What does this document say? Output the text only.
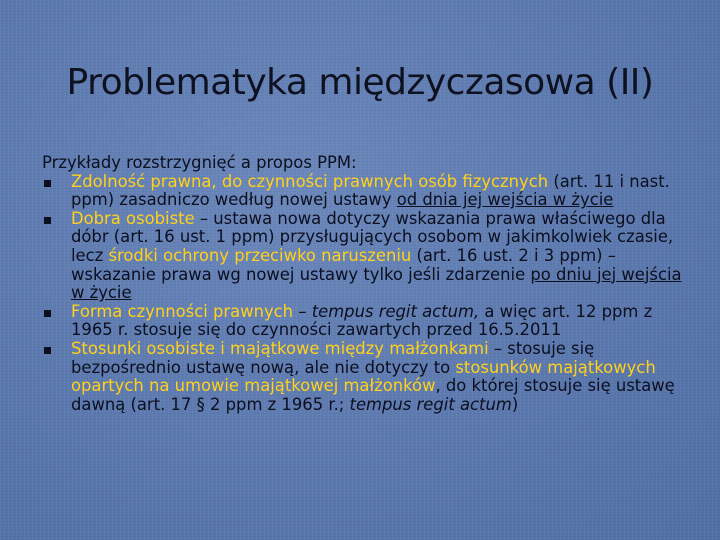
Problematyka międzyczasowa (II)

Przykłady rozstrzygnięć a propos PPM:

Zdolność prawna, do czynności prawnych osób fizycznych (art. 11 i nast. ppm) zasadniczo według nowej ustawy od dnia jej wejścia w życie
Dobra osobiste – ustawa nowa dotyczy wskazania prawa właściwego dla dóbr (art. 16 ust. 1 ppm) przysługujących osobom w jakimkolwiek czasie, lecz środki ochrony przeciwko naruszeniu (art. 16 ust. 2 i 3 ppm) – wskazanie prawa wg nowej ustawy tylko jeśli zdarzenie po dniu jej wejścia w życie
Forma czynności prawnych – tempus regit actum, a więc art. 12 ppm z 1965 r. stosuje się do czynności zawartych przed 16.5.2011
Stosunki osobiste i majątkowe między małżonkami – stosuje się bezpośrednio ustawę nową, ale nie dotyczy to stosunków majątkowych opartych na umowie majątkowej małżonków, do której stosuje się ustawę dawną (art. 17 § 2 ppm z 1965 r.; tempus regit actum)
